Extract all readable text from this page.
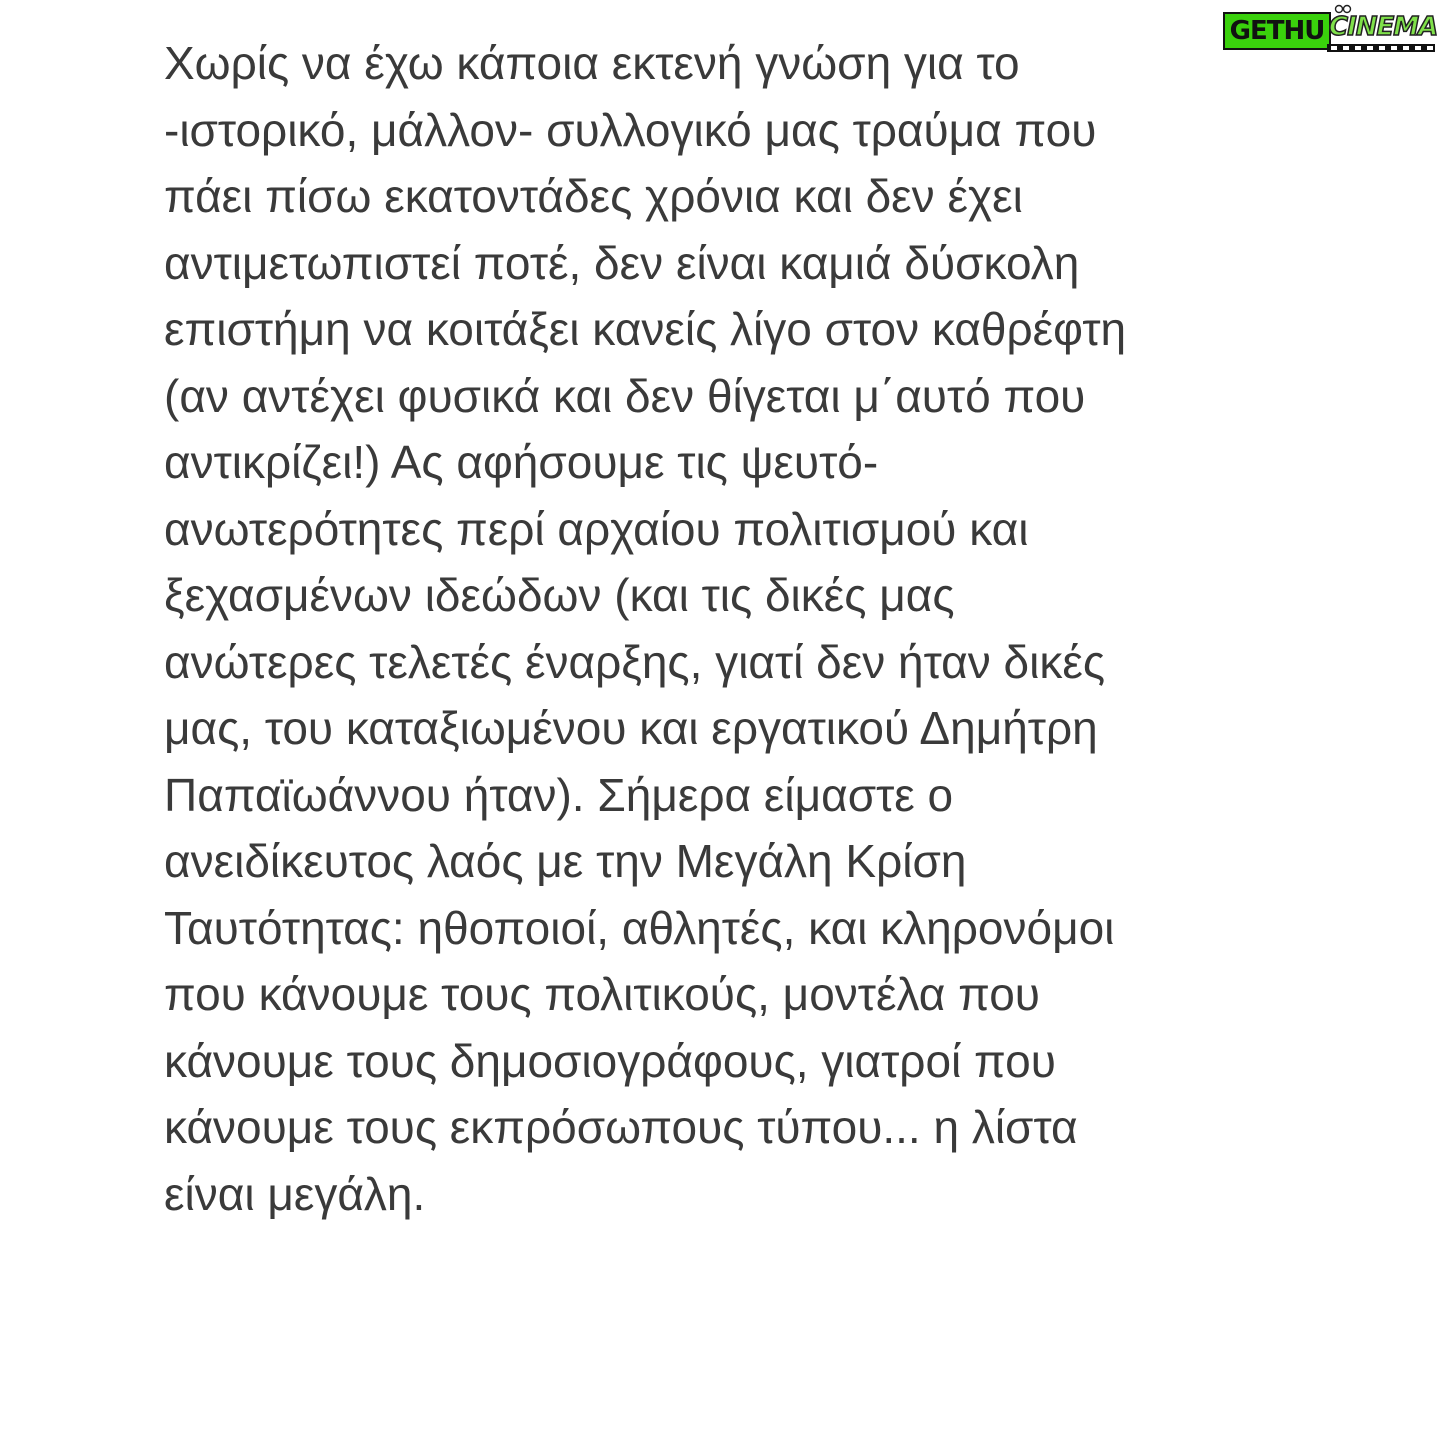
GETHU CINEMA
Χωρίς να έχω κάποια εκτενή γνώση για το
-ιστορικό, μάλλον- συλλογικό μας τραύμα που
πάει πίσω εκατοντάδες χρόνια και δεν έχει
αντιμετωπιστεί ποτέ, δεν είναι καμιά δύσκολη
επιστήμη να κοιτάξει κανείς λίγο στον καθρέφτη
(αν αντέχει φυσικά και δεν θίγεται μ΄αυτό που
αντικρίζει!) Ας αφήσουμε τις ψευτό-
ανωτερότητες περί αρχαίου πολιτισμού και
ξεχασμένων ιδεώδων (και τις δικές μας
ανώτερες τελετές έναρξης, γιατί δεν ήταν δικές
μας, του καταξιωμένου και εργατικού Δημήτρη
Παπαϊωάννου ήταν). Σήμερα είμαστε ο
ανειδίκευτος λαός με την Μεγάλη Κρίση
Ταυτότητας: ηθοποιοί, αθλητές, και κληρονόμοι
που κάνουμε τους πολιτικούς, μοντέλα που
κάνουμε τους δημοσιογράφους, γιατροί που
κάνουμε τους εκπρόσωπους τύπου... η λίστα
είναι μεγάλη.
